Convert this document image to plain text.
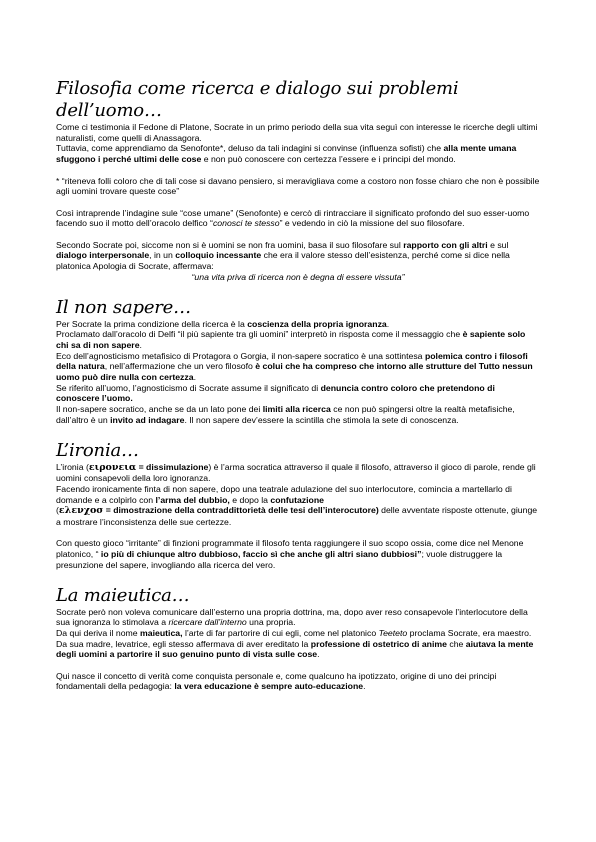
Filosofia come ricerca e dialogo sui problemi dell’uomo…

Come ci testimonia il Fedone di Platone, Socrate in un primo periodo della sua vita seguì con interesse le ricerche degli ultimi naturalisti, come quelli di Anassagora.

Tuttavia, come apprendiamo da Senofonte*, deluso da tali indagini si convinse (influenza sofisti) che alla mente umana sfuggono i perché ultimi delle cose e non può conoscere con certezza l’essere e i principi del mondo.

* “riteneva folli coloro che di tali cose si davano pensiero, si meravigliava come a costoro non fosse chiaro che non è possibile agli uomini trovare queste cose”

Così intraprende l’indagine sule “cose umane” (Senofonte) e cercò di rintracciare il significato profondo del suo esser-uomo facendo suo il motto dell’oracolo delfico “conosci te stesso” e vedendo in ciò la missione del suo filosofare.

Secondo Socrate poi, siccome non si è uomini se non fra uomini, basa il suo filosofare sul rapporto con gli altri e sul dialogo interpersonale, in un colloquio incessante che era il valore stesso dell’esistenza, perché come si dice nella platonica Apologia di Socrate, affermava:

“una vita priva di ricerca non è degna di essere vissuta”

Il non sapere…

Per Socrate la prima condizione della ricerca è la coscienza della propria ignoranza.

Proclamato dall’oracolo di Delfi “il più sapiente tra gli uomini” interpretò in risposta come il messaggio che è sapiente solo chi sa di non sapere.

Eco dell’agnosticismo metafisico di Protagora o Gorgia, il non-sapere socratico è una sottintesa polemica contro i filosofi della natura, nell’affermazione che un vero filosofo è colui che ha compreso che intorno alle strutture del Tutto nessun uomo può dire nulla con certezza.

Se riferito all’uomo, l’agnosticismo di Socrate assume il significato di denuncia contro coloro che pretendono di conoscere l’uomo.

Il non-sapere socratico, anche se da un lato pone dei limiti alla ricerca ce non può spingersi oltre la realtà metafisiche, dall’altro è un invito ad indagare. Il non sapere dev’essere la scintilla che stimola la sete di conoscenza.

L’ironia…

L’ironia (ειρονεια = dissimulazione) è l’arma socratica attraverso il quale il filosofo, attraverso il gioco di parole, rende gli uomini consapevoli della loro ignoranza.

Facendo ironicamente finta di non sapere, dopo una teatrale adulazione del suo interlocutore, comincia a martellarlo di domande e a colpirlo con l’arma del dubbio, e dopo la confutazione

(ελενχοσ = dimostrazione della contraddittorietà delle tesi dell’interocutore) delle avventate risposte ottenute, giunge a mostrare l’inconsistenza delle sue certezze.

Con questo gioco “irritante” di finzioni programmate il filosofo tenta raggiungere il suo scopo ossia, come dice nel Menone platonico, “ io più di chiunque altro dubbioso, faccio sì che anche gli altri siano dubbiosi”; vuole distruggere la presunzione del sapere, invogliando alla ricerca del vero.

La maieutica…

Socrate però non voleva comunicare dall’esterno una propria dottrina, ma, dopo aver reso consapevole l’interlocutore della sua ignoranza lo stimolava a ricercare dall’interno una propria.

Da qui deriva il nome maieutica, l’arte di far partorire di cui egli, come nel platonico Teeteto proclama Socrate, era maestro.

Da sua madre, levatrice, egli stesso affermava di aver ereditato la professione di ostetrico di anime che aiutava la mente degli uomini a partorire il suo genuino punto di vista sulle cose.

Qui nasce il concetto di verità come conquista personale e, come qualcuno ha ipotizzato, origine di uno dei principi fondamentali della pedagogia: la vera educazione è sempre auto-educazione.
